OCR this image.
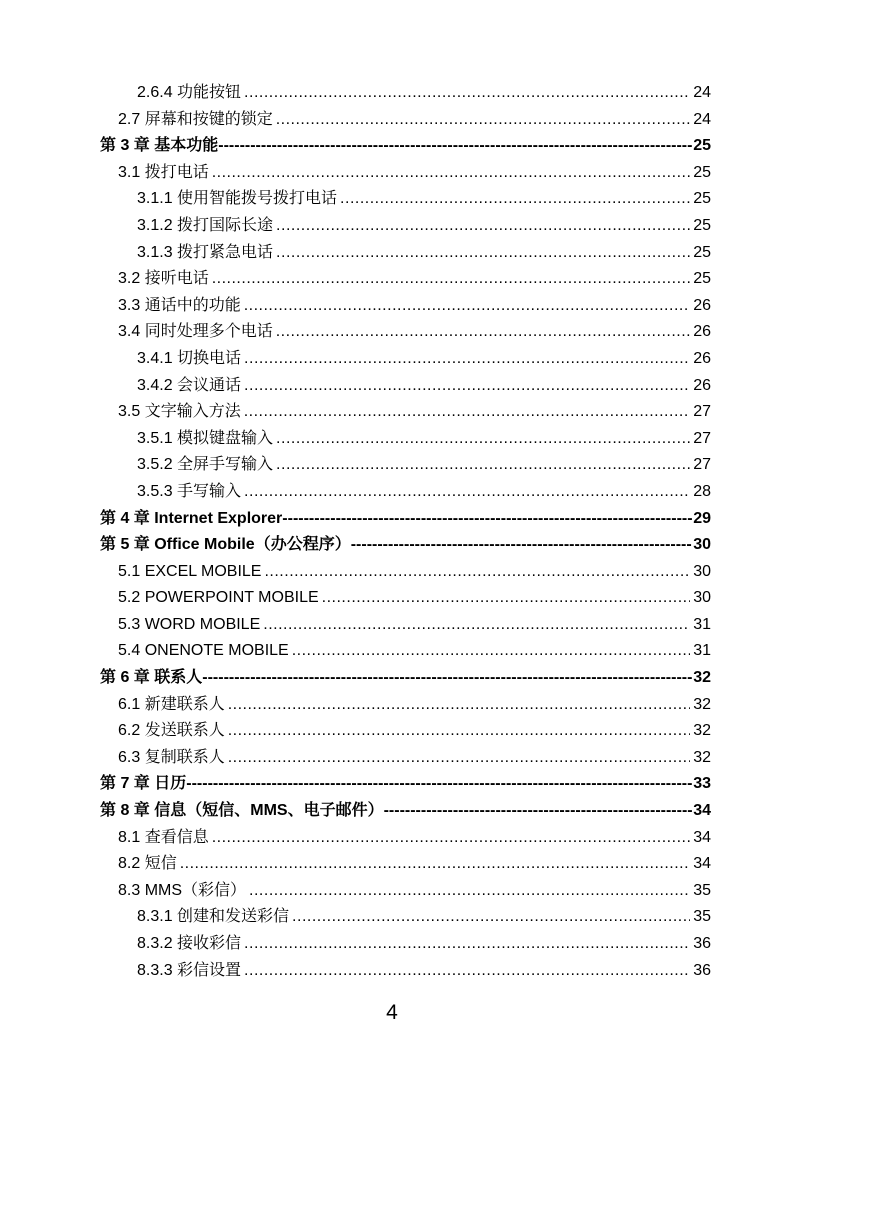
2.6.4 功能按钮 .....	24
2.7 屏幕和按键的锁定 .....	24
第 3 章 基本功能 -----	25
3.1 拨打电话 .....	25
3.1.1 使用智能拨号拨打电话 .....	25
3.1.2 拨打国际长途 .....	25
3.1.3 拨打紧急电话 .....	25
3.2 接听电话 .....	25
3.3 通话中的功能 .....	26
3.4 同时处理多个电话 .....	26
3.4.1 切换电话 .....	26
3.4.2 会议通话 .....	26
3.5 文字输入方法 .....	27
3.5.1 模拟键盘输入 .....	27
3.5.2 全屏手写输入 .....	27
3.5.3 手写输入 .....	28
第 4 章 Internet Explorer -----	29
第 5 章 Office Mobile（办公程序） -----	30
5.1 EXCEL MOBILE .....	30
5.2 POWERPOINT MOBILE .....	30
5.3 WORD MOBILE .....	31
5.4 ONENOTE MOBILE .....	31
第 6 章 联系人 -----	32
6.1 新建联系人 .....	32
6.2 发送联系人 .....	32
6.3 复制联系人 .....	32
第 7 章 日历 -----	33
第 8 章 信息（短信、MMS、电子邮件） -----	34
8.1 查看信息 .....	34
8.2 短信 .....	34
8.3 MMS（彩信） .....	35
8.3.1 创建和发送彩信 .....	35
8.3.2 接收彩信 .....	36
8.3.3 彩信设置 .....	36
4
